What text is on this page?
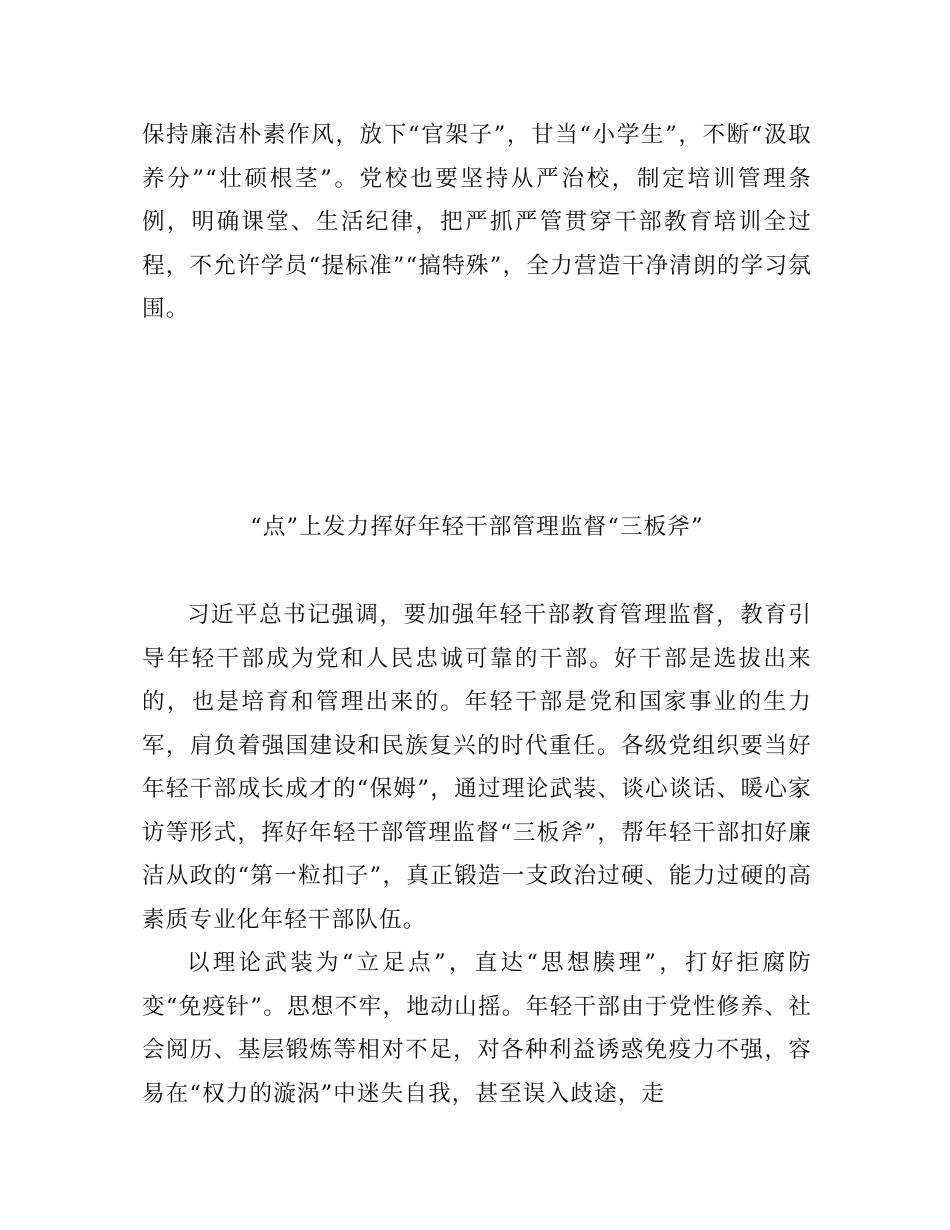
保持廉洁朴素作风，放下“官架子”，甘当“小学生”，不断“汲取养分”“壮硕根茎”。党校也要坚持从严治校，制定培训管理条例，明确课堂、生活纪律，把严抓严管贯穿干部教育培训全过程，不允许学员“提标准”“搞特殊”，全力营造干净清朗的学习氛围。

“点”上发力挥好年轻干部管理监督“三板斧”

习近平总书记强调，要加强年轻干部教育管理监督，教育引导年轻干部成为党和人民忠诚可靠的干部。好干部是选拔出来的，也是培育和管理出来的。年轻干部是党和国家事业的生力军，肩负着强国建设和民族复兴的时代重任。各级党组织要当好年轻干部成长成才的“保姆”，通过理论武装、谈心谈话、暖心家访等形式，挥好年轻干部管理监督“三板斧”，帮年轻干部扣好廉洁从政的“第一粒扣子”，真正锻造一支政治过硬、能力过硬的高素质专业化年轻干部队伍。

以理论武装为“立足点”，直达“思想腠理”，打好拒腐防变“免疫针”。思想不牢，地动山摇。年轻干部由于党性修养、社会阅历、基层锻炼等相对不足，对各种利益诱惑免疫力不强，容易在“权力的漩涡”中迷失自我，甚至误入歧途，走
